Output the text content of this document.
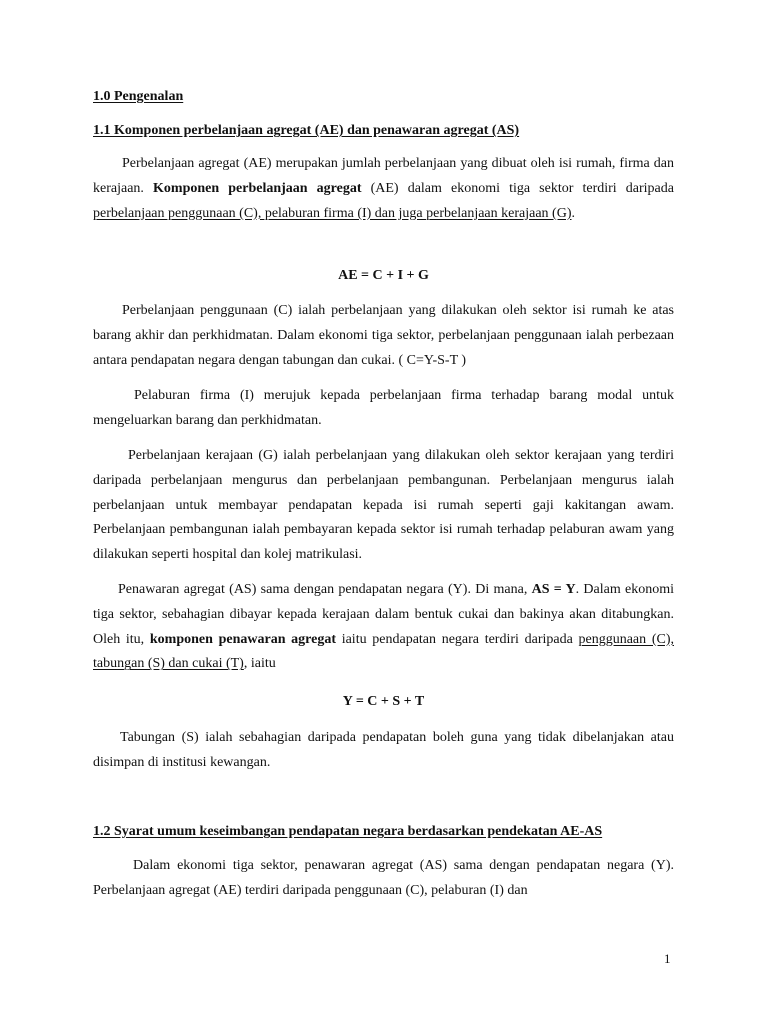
1.0 Pengenalan
1.1 Komponen perbelanjaan agregat (AE) dan penawaran agregat (AS)

Perbelanjaan agregat (AE) merupakan jumlah perbelanjaan yang dibuat oleh isi rumah, firma dan kerajaan. Komponen perbelanjaan agregat (AE) dalam ekonomi tiga sektor terdiri daripada perbelanjaan penggunaan (C), pelaburan firma (I) dan juga perbelanjaan kerajaan (G).

AE = C + I + G

Perbelanjaan penggunaan (C) ialah perbelanjaan yang dilakukan oleh sektor isi rumah ke atas barang akhir dan perkhidmatan. Dalam ekonomi tiga sektor, perbelanjaan penggunaan ialah perbezaan antara pendapatan negara dengan tabungan dan cukai. ( C=Y-S-T )

Pelaburan firma (I) merujuk kepada perbelanjaan firma terhadap barang modal untuk mengeluarkan barang dan perkhidmatan.

Perbelanjaan kerajaan (G) ialah perbelanjaan yang dilakukan oleh sektor kerajaan yang terdiri daripada perbelanjaan mengurus dan perbelanjaan pembangunan. Perbelanjaan mengurus ialah perbelanjaan untuk membayar pendapatan kepada isi rumah seperti gaji kakitangan awam. Perbelanjaan pembangunan ialah pembayaran kepada sektor isi rumah terhadap pelaburan awam yang dilakukan seperti hospital dan kolej matrikulasi.

Penawaran agregat (AS) sama dengan pendapatan negara (Y). Di mana, AS = Y. Dalam ekonomi tiga sektor, sebahagian dibayar kepada kerajaan dalam bentuk cukai dan bakinya akan ditabungkan. Oleh itu, komponen penawaran agregat iaitu pendapatan negara terdiri daripada penggunaan (C), tabungan (S) dan cukai (T), iaitu

Y = C + S + T

Tabungan (S) ialah sebahagian daripada pendapatan boleh guna yang tidak dibelanjakan atau disimpan di institusi kewangan.

1.2 Syarat umum keseimbangan pendapatan negara berdasarkan pendekatan AE-AS

Dalam ekonomi tiga sektor, penawaran agregat (AS) sama dengan pendapatan negara (Y). Perbelanjaan agregat (AE) terdiri daripada penggunaan (C), pelaburan (I) dan

1
